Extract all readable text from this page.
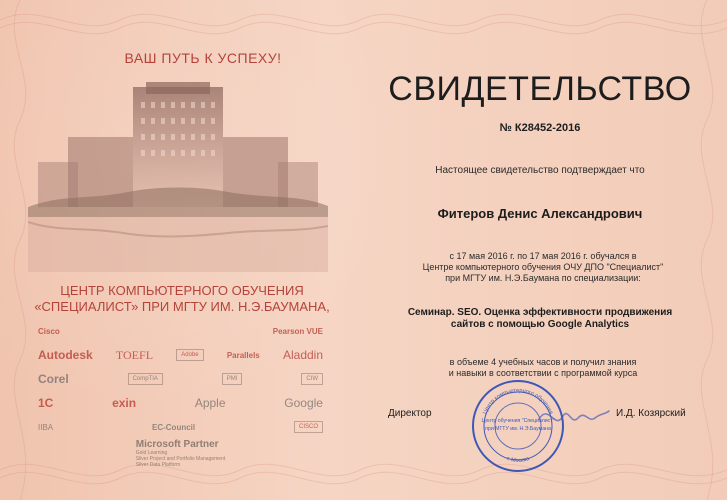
ВАШ ПУТЬ К УСПЕХУ!
ЦЕНТР КОМПЬЮТЕРНОГО ОБУЧЕНИЯ
«СПЕЦИАЛИСТ» ПРИ МГТУ ИМ. Н.Э.БАУМАНА,
Cisco	Pearson VUE
Autodesk TOEFL	Adobe	Parallels Aladdin
Corel	CompTIA	PMI	CIW
1C	exin	Apple	Google
IIBA	EC-Council	CISCO
Microsoft Partner
Gold Learning
Silver Project and Portfolio Management
Silver Data Platform
СВИДЕТЕЛЬСТВО
№ К28452-2016
Настоящее свидетельство подтверждает что
Фитеров Денис Александрович
с 17 мая 2016 г. по 17 мая 2016 г. обучался в
Центре компьютерного обучения ОЧУ ДПО "Специалист"
при МГТУ им. Н.Э.Баумана по специализации:
Семинар. SEO. Оценка эффективности продвижения
сайтов с помощью Google Analytics
в объеме 4 учебных часов и получил знания
и навыки в соответствии с программой курса
Директор	И.Д. Козярский
Центр компьютерного обучения
г. Москва
Центр обучения "Специалист"
при МГТУ им. Н.Э.Баумана
